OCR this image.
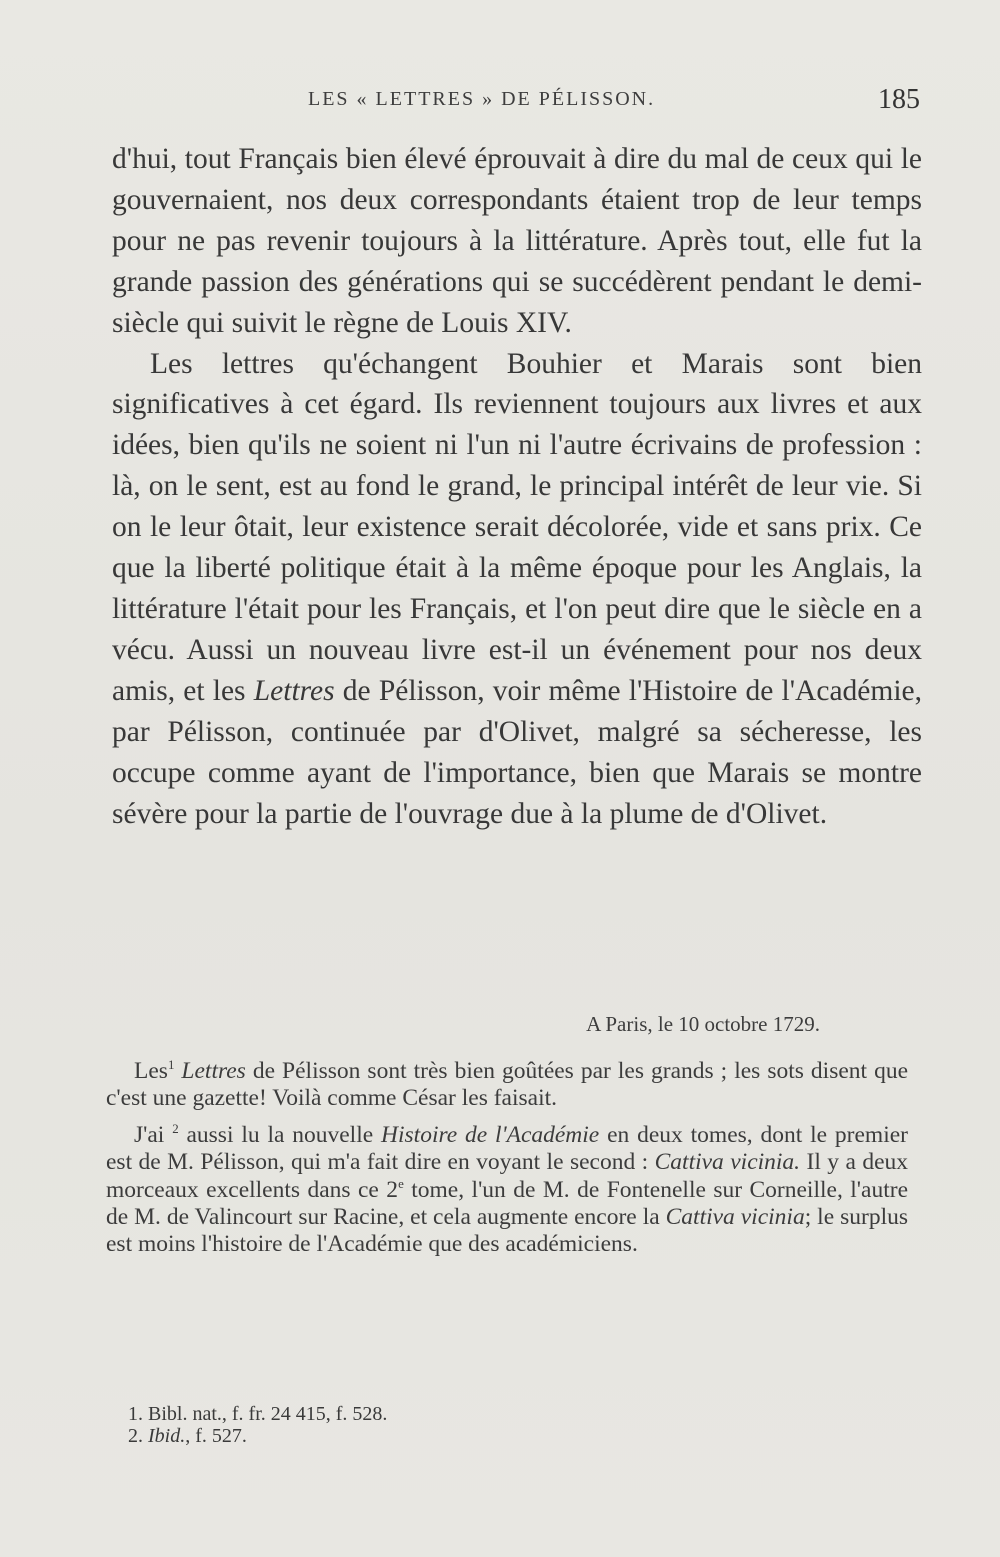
LES « LETTRES » DE PÉLISSON.	185

d'hui, tout Français bien élevé éprouvait à dire du mal de ceux qui le gouvernaient, nos deux correspondants étaient trop de leur temps pour ne pas revenir toujours à la littérature. Après tout, elle fut la grande passion des générations qui se succédèrent pendant le demi-siècle qui suivit le règne de Louis XIV.

Les lettres qu'échangent Bouhier et Marais sont bien significatives à cet égard. Ils reviennent toujours aux livres et aux idées, bien qu'ils ne soient ni l'un ni l'autre écrivains de profession : là, on le sent, est au fond le grand, le principal intérêt de leur vie. Si on le leur ôtait, leur existence serait décolorée, vide et sans prix. Ce que la liberté politique était à la même époque pour les Anglais, la littérature l'était pour les Français, et l'on peut dire que le siècle en a vécu. Aussi un nouveau livre est-il un événement pour nos deux amis, et les Lettres de Pélisson, voir même l'Histoire de l'Académie, par Pélisson, continuée par d'Olivet, malgré sa sécheresse, les occupe comme ayant de l'importance, bien que Marais se montre sévère pour la partie de l'ouvrage due à la plume de d'Olivet.

A Paris, le 10 octobre 1729.

Les$^1$ Lettres de Pélisson sont très bien goûtées par les grands ; les sots disent que c'est une gazette! Voilà comme César les faisait.

J'ai $^2$ aussi lu la nouvelle Histoire de l'Académie en deux tomes, dont le premier est de M. Pélisson, qui m'a fait dire en voyant le second : Cattiva vicinia. Il y a deux morceaux excellents dans ce 2e tome, l'un de M. de Fontenelle sur Corneille, l'autre de M. de Valincourt sur Racine, et cela augmente encore la Cattiva vicinia; le surplus est moins l'histoire de l'Académie que des académiciens.

1. Bibl. nat., f. fr. 24 415, f. 528.
2. Ibid., f. 527.
